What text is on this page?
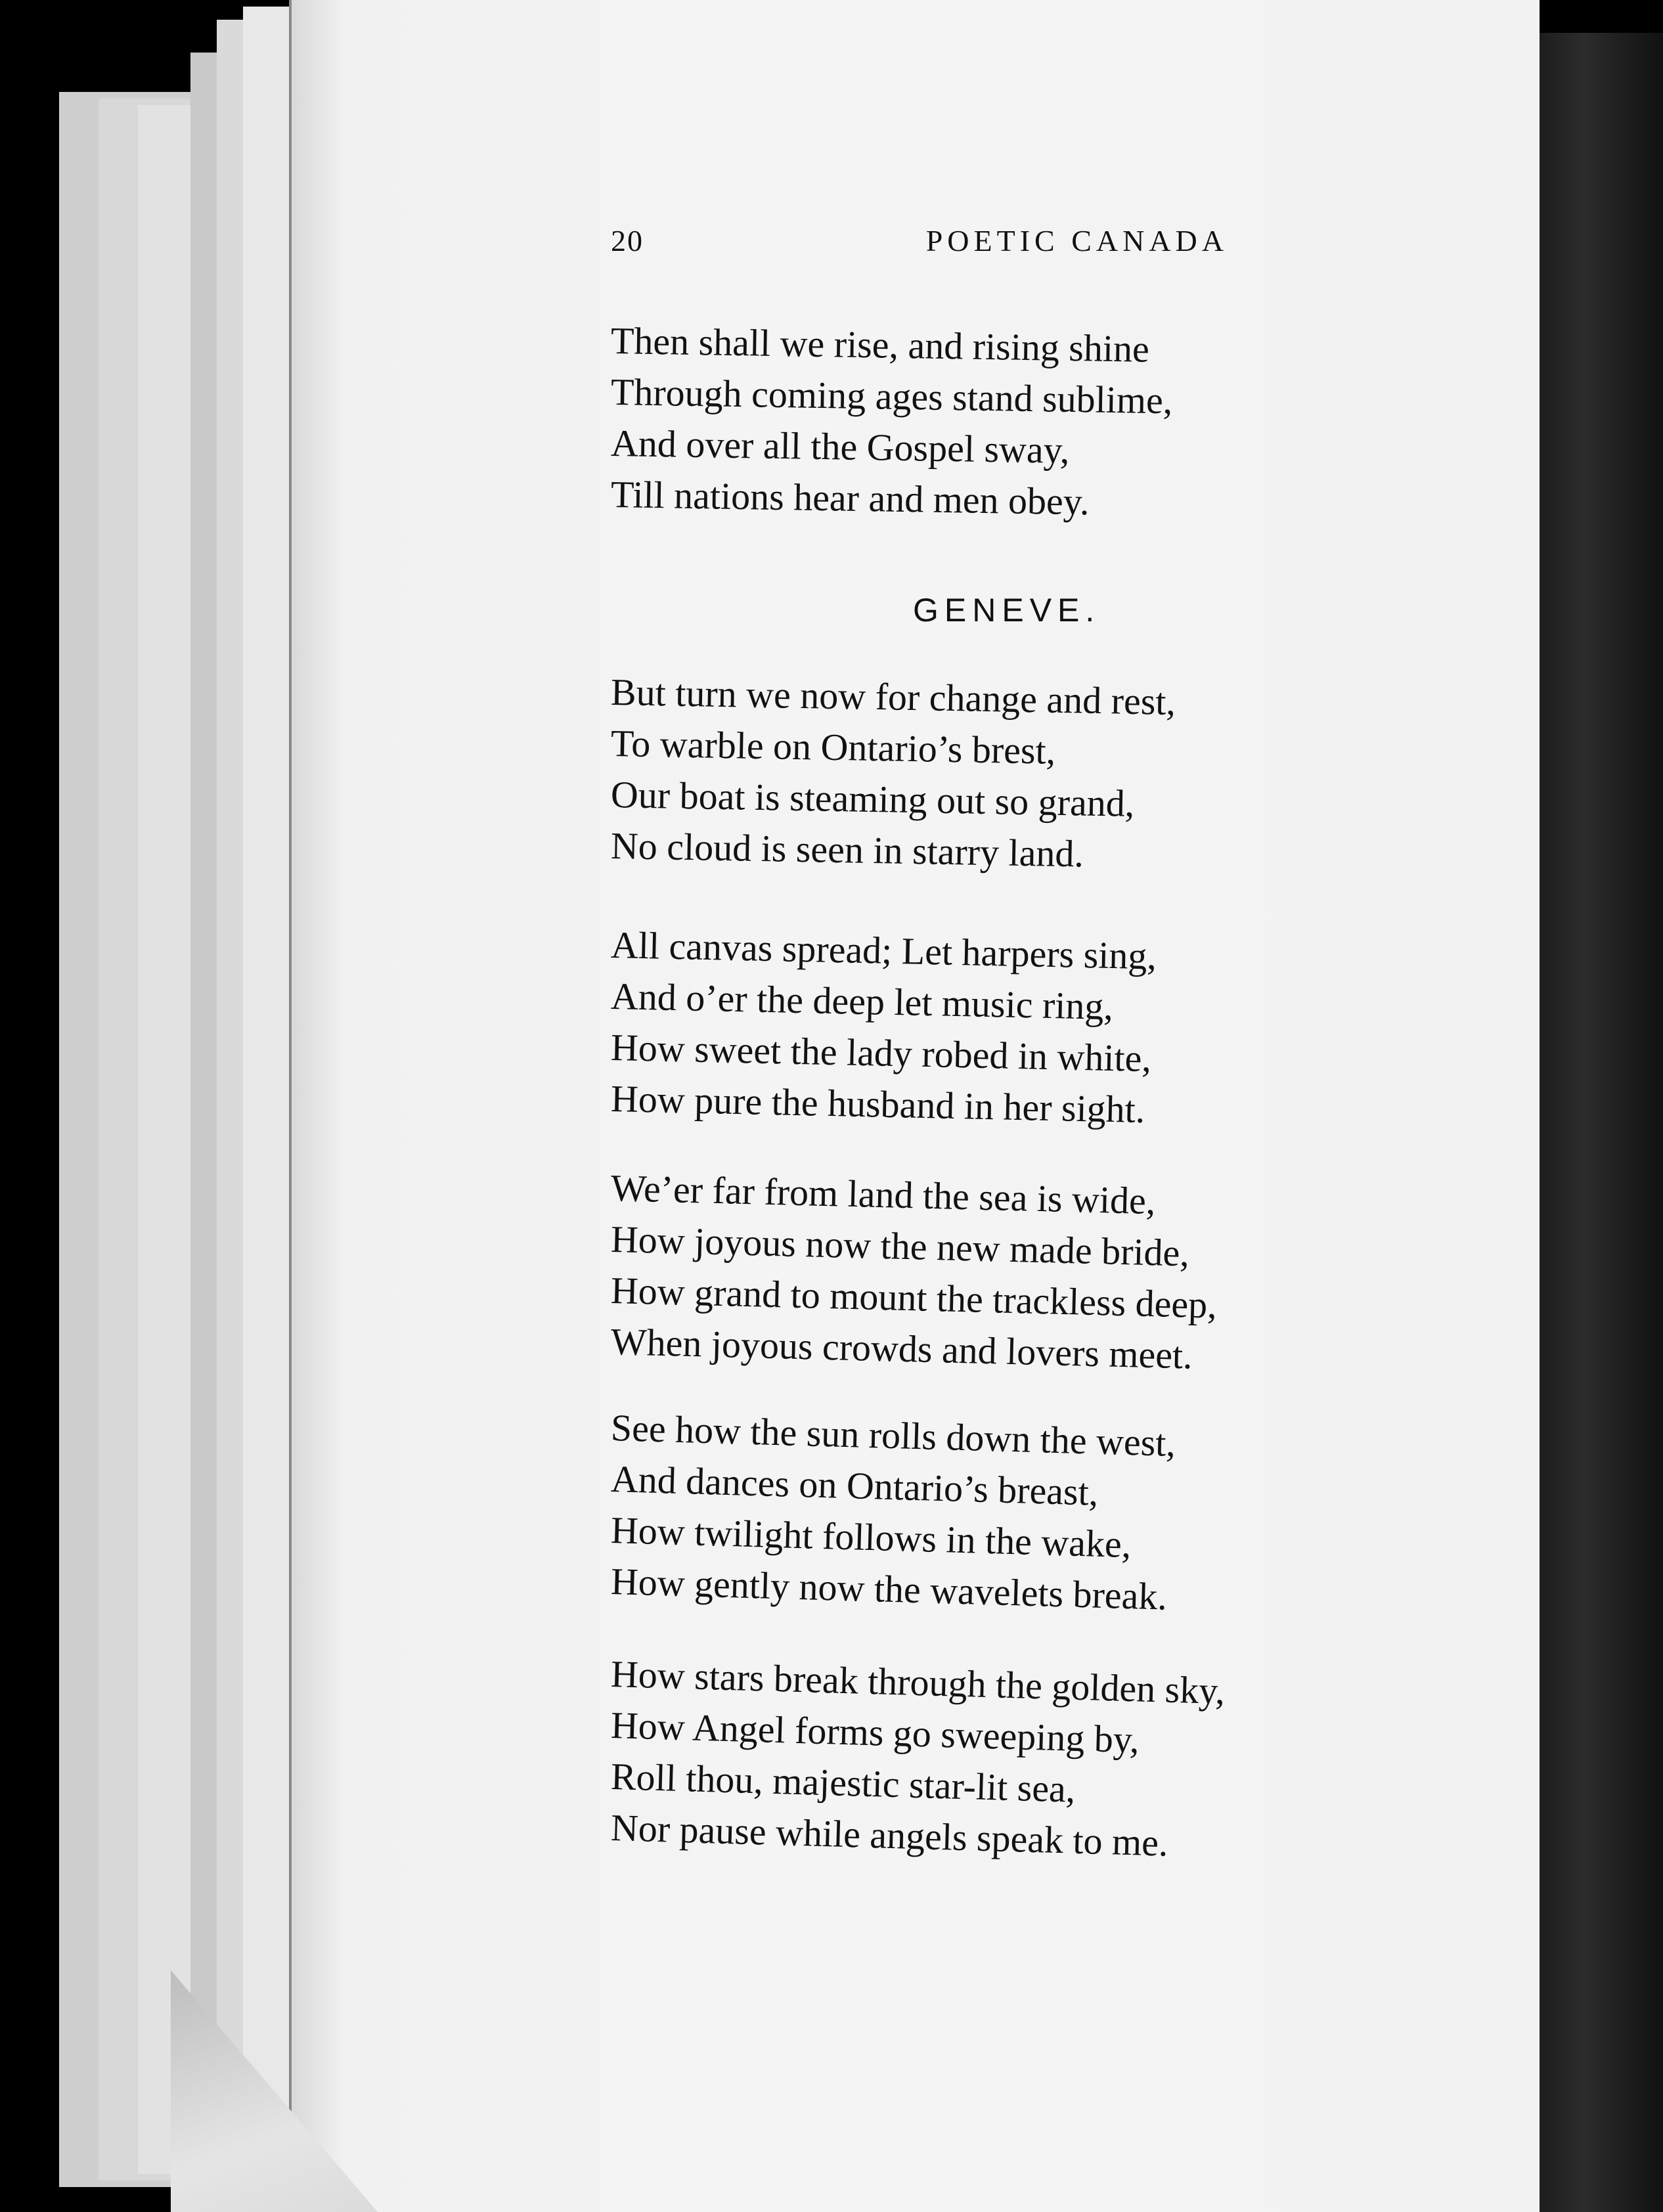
20	POETIC CANADA
Then shall we rise, and rising shine
Through coming ages stand sublime,
And over all the Gospel sway,
Till nations hear and men obey.
GENEVE.
But turn we now for change and rest,
To warble on Ontario’s brest,
Our boat is steaming out so grand,
No cloud is seen in starry land.
All canvas spread; Let harpers sing,
And o’er the deep let music ring,
How sweet the lady robed in white,
How pure the husband in her sight.
We’er far from land the sea is wide,
How joyous now the new made bride,
How grand to mount the trackless deep,
When joyous crowds and lovers meet.
See how the sun rolls down the west,
And dances on Ontario’s breast,
How twilight follows in the wake,
How gently now the wavelets break.
How stars break through the golden sky,
How Angel forms go sweeping by,
Roll thou, majestic star-lit sea,
Nor pause while angels speak to me.
